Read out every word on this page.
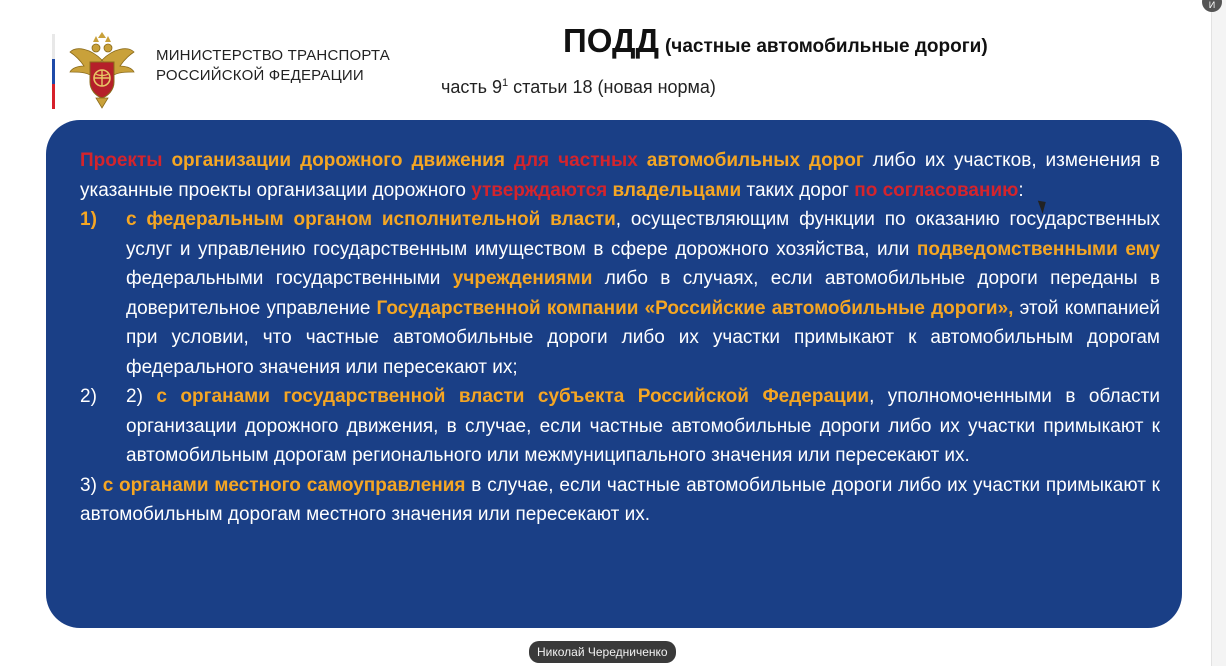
И
МИНИСТЕРСТВО ТРАНСПОРТА
РОССИЙСКОЙ ФЕДЕРАЦИИ
ПОДД (частные автомобильные дороги)
часть $9^1$ статьи 18 (новая норма)
Проекты организации дорожного движения для частных автомобильных дорог либо их участков, изменения в указанные проекты организации дорожного утверждаются владельцами таких дорог по согласованию:
1)	с федеральным органом исполнительной власти, осуществляющим функции по оказанию государственных услуг и управлению государственным имуществом в сфере дорожного хозяйства, или подведомственными ему федеральными государственными учреждениями либо в случаях, если автомобильные дороги переданы в доверительное управление Государственной компании «Российские автомобильные дороги», этой компанией при условии, что частные автомобильные дороги либо их участки примыкают к автомобильным дорогам федерального значения или пересекают их;
2)	2) с органами государственной власти субъекта Российской Федерации, уполномоченными в области организации дорожного движения, в случае, если частные автомобильные дороги либо их участки примыкают к автомобильным дорогам регионального или межмуниципального значения или пересекают их.
3) с органами местного самоуправления в случае, если частные автомобильные дороги либо их участки примыкают к автомобильным дорогам местного значения или пересекают их.
Николай Чередниченко
